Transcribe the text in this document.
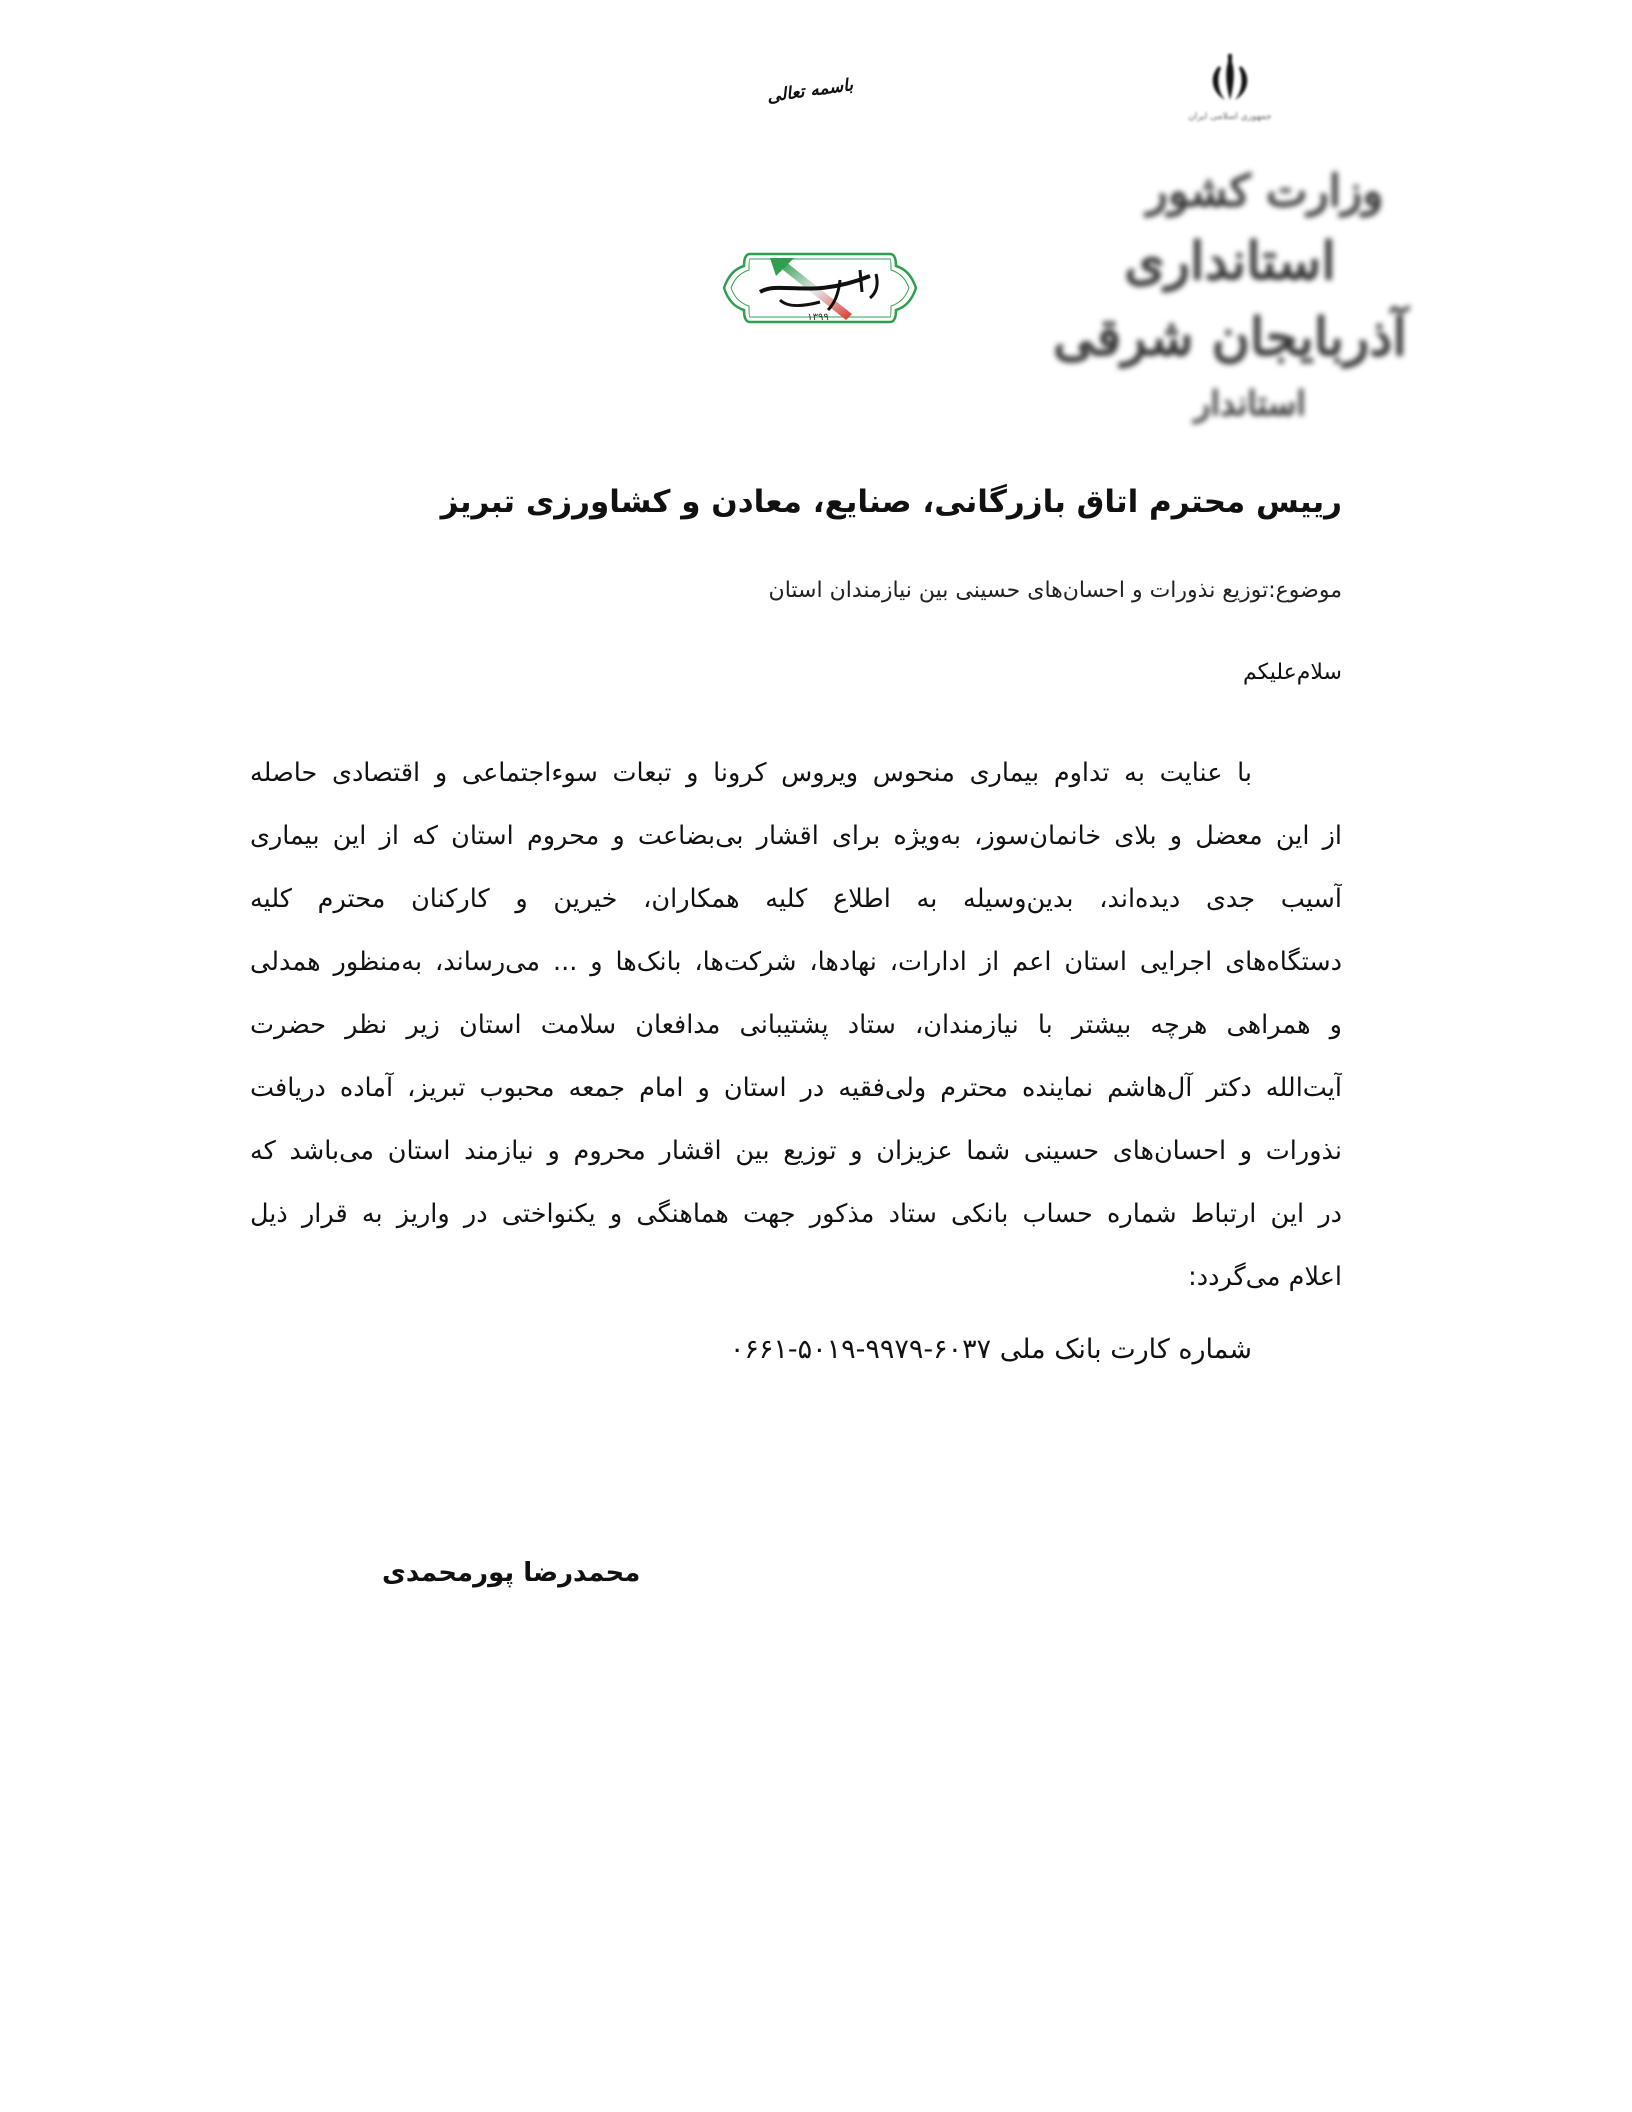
باسمه تعالی
جمهوری اسلامی ایران
وزارت کشور
استانداری آذربایجان شرقی
استاندار
۱۳۹۹
رییس محترم اتاق بازرگانی، صنایع، معادن و کشاورزی تبریز
موضوع:توزیع نذورات و احسان‌های حسینی بین نیازمندان استان
سلام‌علیکم
با عنایت به تداوم بیماری منحوس ویروس کرونا و تبعات سوءاجتماعی و اقتصادی حاصله
از این معضل و بلای خانمان‌سوز، به‌ویژه برای اقشار بی‌بضاعت و محروم استان که از این بیماری
آسیب جدی دیده‌اند، بدین‌وسیله به اطلاع کلیه همکاران، خیرین و کارکنان محترم کلیه
دستگاه‌های اجرایی استان اعم از ادارات، نهادها، شرکت‌ها، بانک‌ها و ... می‌رساند، به‌منظور همدلی
و همراهی هرچه بیشتر با نیازمندان، ستاد پشتیبانی مدافعان سلامت استان زیر نظر حضرت
آیت‌الله دکتر آل‌هاشم نماینده محترم ولی‌فقیه در استان و امام جمعه محبوب تبریز، آماده دریافت
نذورات و احسان‌های حسینی شما عزیزان و توزیع بین اقشار محروم و نیازمند استان می‌باشد که
در این ارتباط شماره حساب بانکی ستاد مذکور جهت هماهنگی و یکنواختی در واریز به قرار ذیل
اعلام می‌گردد:
شماره کارت بانک ملی ۶۰۳۷-۹۹۷۹-۵۰۱۹-۰۶۶۱
محمدرضا پورمحمدی
